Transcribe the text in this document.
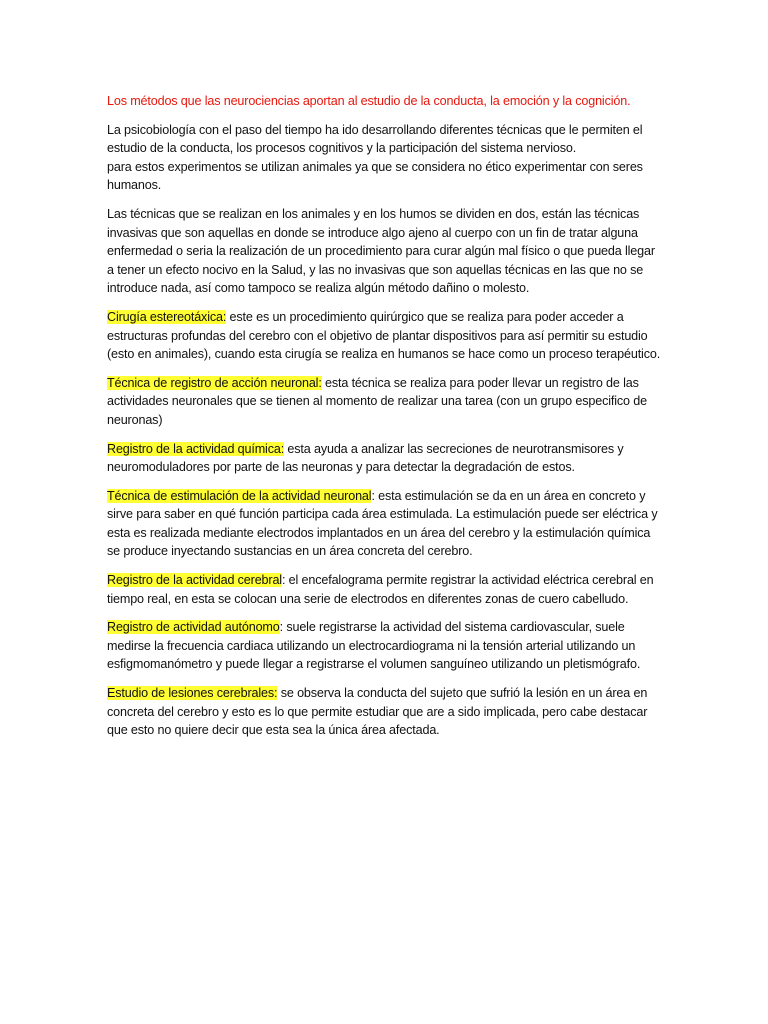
Los métodos que las neurociencias aportan al estudio de la conducta, la emoción y la cognición.

La psicobiología con el paso del tiempo ha ido desarrollando diferentes técnicas que le permiten el estudio de la conducta, los procesos cognitivos y la participación del sistema nervioso.
para estos experimentos se utilizan animales ya que se considera no ético experimentar con seres humanos.

Las técnicas que se realizan en los animales y en los humos se dividen en dos, están las técnicas invasivas que son aquellas en donde se introduce algo ajeno al cuerpo con un fin de tratar alguna enfermedad o seria la realización de un procedimiento para curar algún mal físico o que pueda llegar a tener un efecto nocivo en la Salud, y las no invasivas que son aquellas técnicas en las que no se introduce nada, así como tampoco se realiza algún método dañino o molesto.

Cirugía estereotáxica: este es un procedimiento quirúrgico que se realiza para poder acceder a estructuras profundas del cerebro con el objetivo de plantar dispositivos para así permitir su estudio (esto en animales), cuando esta cirugía se realiza en humanos se hace como un proceso terapéutico.

Técnica de registro de acción neuronal: esta técnica se realiza para poder llevar un registro de las actividades neuronales que se tienen al momento de realizar una tarea (con un grupo especifico de neuronas)

Registro de la actividad química: esta ayuda a analizar las secreciones de neurotransmisores y neuromoduladores por parte de las neuronas y para detectar la degradación de estos.

Técnica de estimulación de la actividad neuronal: esta estimulación se da en un área en concreto y sirve para saber en qué función participa cada área estimulada. La estimulación puede ser eléctrica y esta es realizada mediante electrodos implantados en un área del cerebro y la estimulación química se produce inyectando sustancias en un área concreta del cerebro.

Registro de la actividad cerebral: el encefalograma permite registrar la actividad eléctrica cerebral en tiempo real, en esta se colocan una serie de electrodos en diferentes zonas de cuero cabelludo.

Registro de actividad autónomo: suele registrarse la actividad del sistema cardiovascular, suele medirse la frecuencia cardiaca utilizando un electrocardiograma ni la tensión arterial utilizando un esfigmomanómetro y puede llegar a registrarse el volumen sanguíneo utilizando un pletismógrafo.

Estudio de lesiones cerebrales: se observa la conducta del sujeto que sufrió la lesión en un área en concreta del cerebro y esto es lo que permite estudiar que are a sido implicada, pero cabe destacar que esto no quiere decir que esta sea la única área afectada.
